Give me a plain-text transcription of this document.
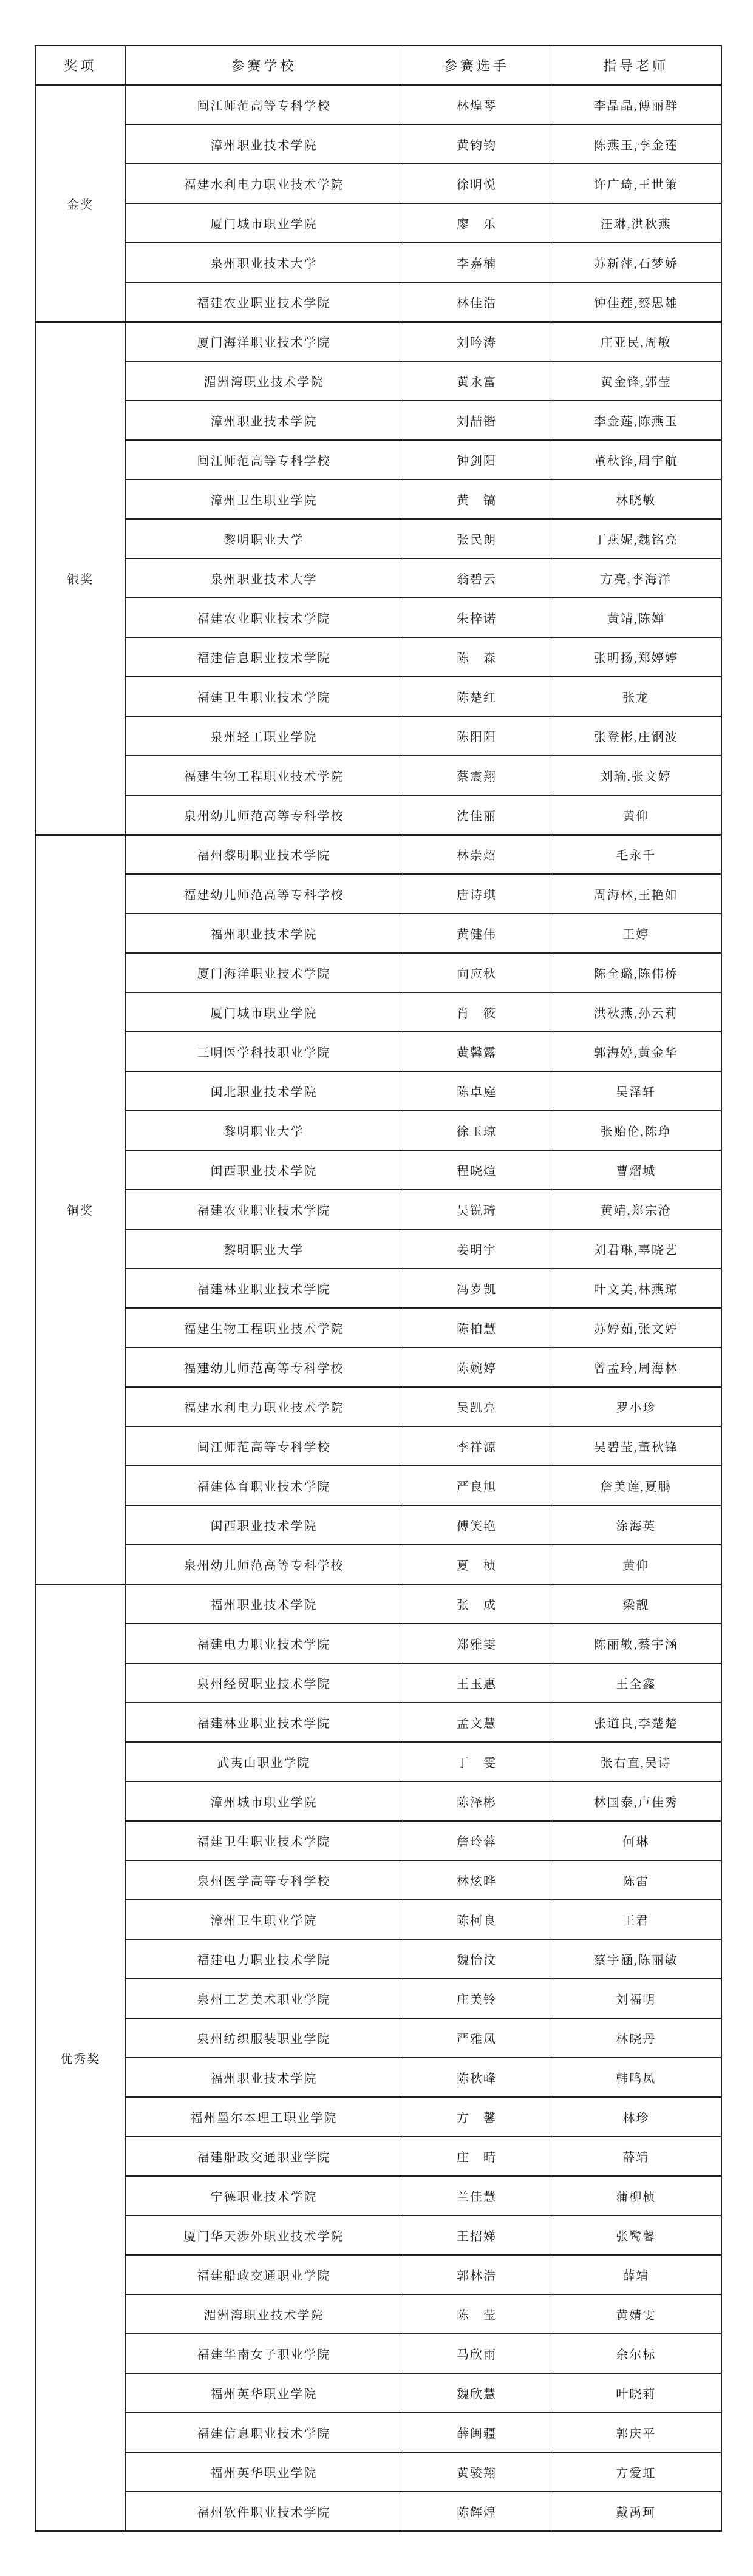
奖项	参赛学校	参赛选手	指导老师
金奖	闽江师范高等专科学校	林煌琴	李晶晶,傅丽群
	漳州职业技术学院	黄钧钧	陈燕玉,李金莲
	福建水利电力职业技术学院	徐明悦	许广琦,王世策
	厦门城市职业学院	廖　乐	汪琳,洪秋燕
	泉州职业技术大学	李嘉楠	苏新萍,石梦娇
	福建农业职业技术学院	林佳浩	钟佳莲,蔡思雄
银奖	厦门海洋职业技术学院	刘吟涛	庄亚民,周敏
	湄洲湾职业技术学院	黄永富	黄金锋,郭莹
	漳州职业技术学院	刘喆锴	李金莲,陈燕玉
	闽江师范高等专科学校	钟剑阳	董秋锋,周宇航
	漳州卫生职业学院	黄　镐	林晓敏
	黎明职业大学	张民朗	丁燕妮,魏铭亮
	泉州职业技术大学	翁碧云	方亮,李海洋
	福建农业职业技术学院	朱梓诺	黄靖,陈婵
	福建信息职业技术学院	陈　森	张明扬,郑婷婷
	福建卫生职业技术学院	陈楚红	张龙
	泉州轻工职业学院	陈阳阳	张登彬,庄钢波
	福建生物工程职业技术学院	蔡震翔	刘瑜,张文婷
	泉州幼儿师范高等专科学校	沈佳丽	黄仰
铜奖	福州黎明职业技术学院	林崇炤	毛永千
	福建幼儿师范高等专科学校	唐诗琪	周海林,王艳如
	福州职业技术学院	黄健伟	王婷
	厦门海洋职业技术学院	向应秋	陈全璐,陈伟桥
	厦门城市职业学院	肖　筱	洪秋燕,孙云莉
	三明医学科技职业学院	黄馨露	郭海婷,黄金华
	闽北职业技术学院	陈卓庭	吴泽轩
	黎明职业大学	徐玉琼	张贻伦,陈琤
	闽西职业技术学院	程晓煊	曹熠城
	福建农业职业技术学院	吴锐琦	黄靖,郑宗沧
	黎明职业大学	姜明宇	刘君琳,辜晓艺
	福建林业职业技术学院	冯岁凯	叶文美,林燕琼
	福建生物工程职业技术学院	陈柏慧	苏婷茹,张文婷
	福建幼儿师范高等专科学校	陈婉婷	曾孟玲,周海林
	福建水利电力职业技术学院	吴凯亮	罗小珍
	闽江师范高等专科学校	李祥源	吴碧莹,董秋锋
	福建体育职业技术学院	严良旭	詹美莲,夏鹏
	闽西职业技术学院	傅笑艳	涂海英
	泉州幼儿师范高等专科学校	夏　桢	黄仰
优秀奖	福州职业技术学院	张　成	梁靓
	福建电力职业技术学院	郑雅雯	陈丽敏,蔡宇涵
	泉州经贸职业技术学院	王玉惠	王全鑫
	福建林业职业技术学院	孟文慧	张道良,李楚楚
	武夷山职业学院	丁　雯	张右直,吴诗
	漳州城市职业学院	陈泽彬	林国泰,卢佳秀
	福建卫生职业技术学院	詹玲蓉	何琳
	泉州医学高等专科学校	林炫晔	陈雷
	漳州卫生职业学院	陈柯良	王君
	福建电力职业技术学院	魏怡汶	蔡宇涵,陈丽敏
	泉州工艺美术职业学院	庄美铃	刘福明
	泉州纺织服装职业学院	严雅凤	林晓丹
	福州职业技术学院	陈秋峰	韩鸣凤
	福州墨尔本理工职业学院	方　馨	林珍
	福建船政交通职业学院	庄　晴	薛靖
	宁德职业技术学院	兰佳慧	蒲柳桢
	厦门华天涉外职业技术学院	王招娣	张鹭馨
	福建船政交通职业学院	郭林浩	薛靖
	湄洲湾职业技术学院	陈　莹	黄婧雯
	福建华南女子职业学院	马欣雨	余尔标
	福州英华职业学院	魏欣慧	叶晓莉
	福建信息职业技术学院	薛闽疆	郭庆平
	福州英华职业学院	黄骏翔	方爱虹
	福州软件职业技术学院	陈辉煌	戴禹珂
